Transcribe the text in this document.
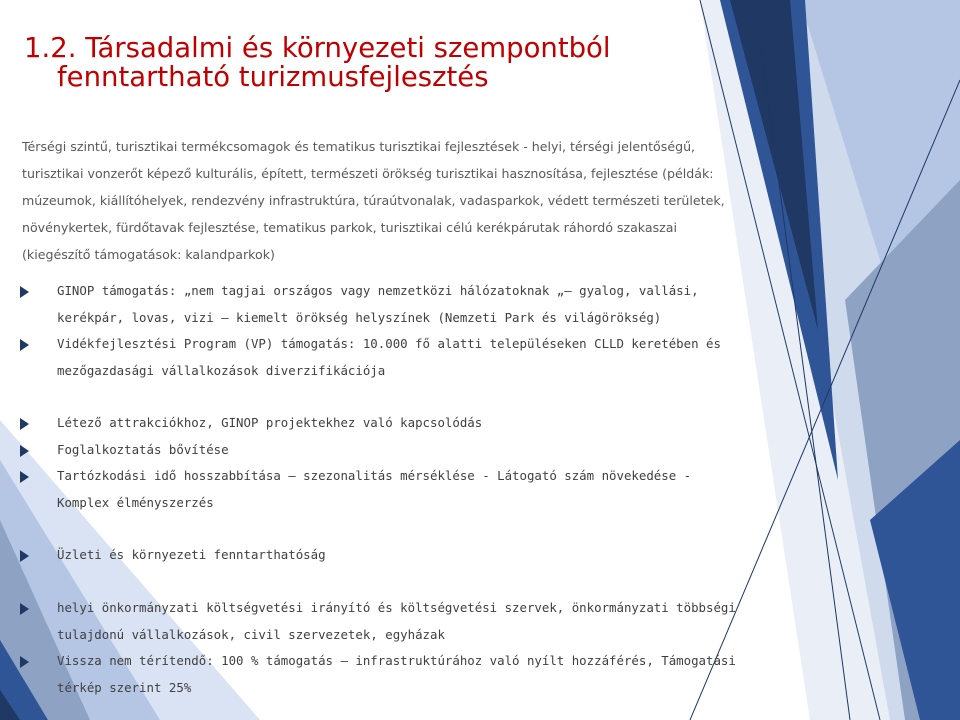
1.2. Társadalmi és környezeti szempontból
fenntartható turizmusfejlesztés

Térségi szintű, turisztikai termékcsomagok és tematikus turisztikai fejlesztések - helyi, térségi jelentőségű, turisztikai vonzerőt képező kulturális, épített, természeti örökség turisztikai hasznosítása, fejlesztése (példák: múzeumok, kiállítóhelyek, rendezvény infrastruktúra, túraútvonalak, vadasparkok, védett természeti területek, növénykertek, fürdőtavak fejlesztése, tematikus parkok, turisztikai célú kerékpárutak ráhordó szakaszai (kiegészítő támogatások: kalandparkok)

GINOP támogatás: „nem tagjai országos vagy nemzetközi hálózatoknak „– gyalog, vallási, kerékpár, lovas, vizi – kiemelt örökség helyszínek (Nemzeti Park és világörökség)
Vidékfejlesztési Program (VP) támogatás: 10.000 fő alatti településeken CLLD keretében és mezőgazdasági vállalkozások diverzifikációja
Létező attrakciókhoz, GINOP projektekhez való kapcsolódás
Foglalkoztatás bővítése
Tartózkodási idő hosszabbítása – szezonalitás mérséklése - Látogató szám növekedése - Komplex élményszerzés
Üzleti és környezeti fenntarthatóság
helyi önkormányzati költségvetési irányító és költségvetési szervek, önkormányzati többségi tulajdonú vállalkozások, civil szervezetek, egyházak
Vissza nem térítendő: 100 % támogatás – infrastruktúrához való nyílt hozzáférés, Támogatási térkép szerint 25%
